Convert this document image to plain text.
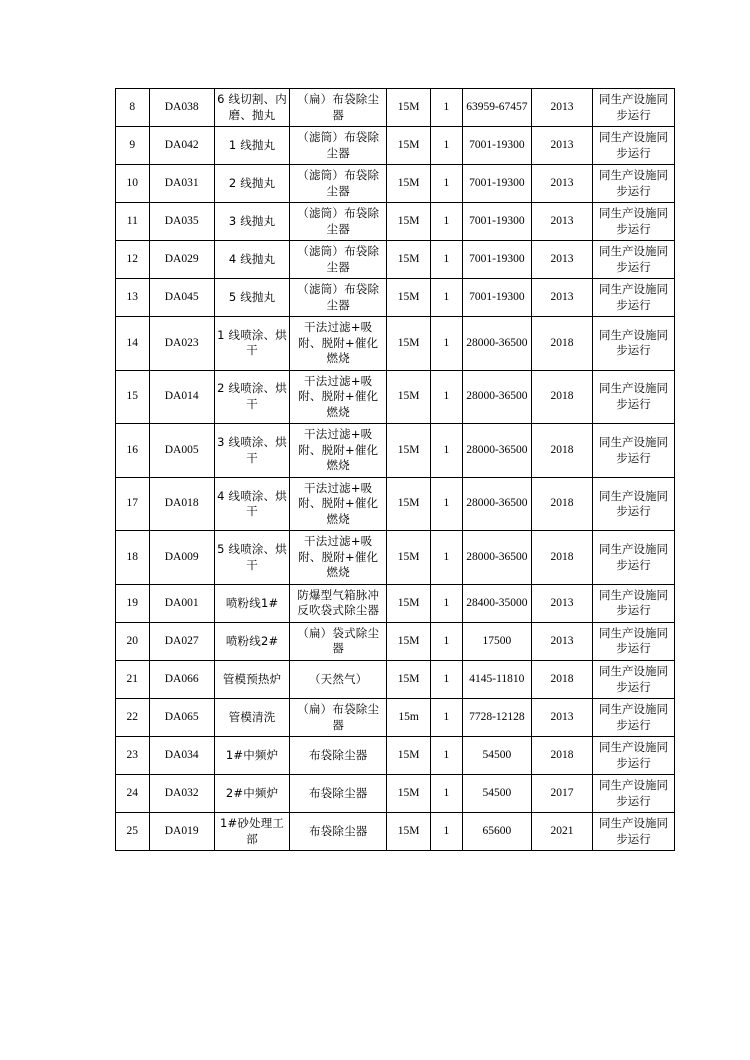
8	DA038	6 线切割、内磨、抛丸	（扁）布袋除尘器	15M	1	63959-67457	2013	同生产设施同步运行
9	DA042	1 线抛丸	（滤筒）布袋除尘器	15M	1	7001-19300	2013	同生产设施同步运行
10	DA031	2 线抛丸	（滤筒）布袋除尘器	15M	1	7001-19300	2013	同生产设施同步运行
11	DA035	3 线抛丸	（滤筒）布袋除尘器	15M	1	7001-19300	2013	同生产设施同步运行
12	DA029	4 线抛丸	（滤筒）布袋除尘器	15M	1	7001-19300	2013	同生产设施同步运行
13	DA045	5 线抛丸	（滤筒）布袋除尘器	15M	1	7001-19300	2013	同生产设施同步运行
14	DA023	1 线喷涂、烘干	干法过滤+吸附、脱附+催化燃烧	15M	1	28000-36500	2018	同生产设施同步运行
15	DA014	2 线喷涂、烘干	干法过滤+吸附、脱附+催化燃烧	15M	1	28000-36500	2018	同生产设施同步运行
16	DA005	3 线喷涂、烘干	干法过滤+吸附、脱附+催化燃烧	15M	1	28000-36500	2018	同生产设施同步运行
17	DA018	4 线喷涂、烘干	干法过滤+吸附、脱附+催化燃烧	15M	1	28000-36500	2018	同生产设施同步运行
18	DA009	5 线喷涂、烘干	干法过滤+吸附、脱附+催化燃烧	15M	1	28000-36500	2018	同生产设施同步运行
19	DA001	喷粉线1#	防爆型气箱脉冲反吹袋式除尘器	15M	1	28400-35000	2013	同生产设施同步运行
20	DA027	喷粉线2#	（扁）袋式除尘器	15M	1	17500	2013	同生产设施同步运行
21	DA066	管模预热炉	（天然气）	15M	1	4145-11810	2018	同生产设施同步运行
22	DA065	管模清洗	（扁）布袋除尘器	15m	1	7728-12128	2013	同生产设施同步运行
23	DA034	1#中频炉	布袋除尘器	15M	1	54500	2018	同生产设施同步运行
24	DA032	2#中频炉	布袋除尘器	15M	1	54500	2017	同生产设施同步运行
25	DA019	1#砂处理工部	布袋除尘器	15M	1	65600	2021	同生产设施同步运行
